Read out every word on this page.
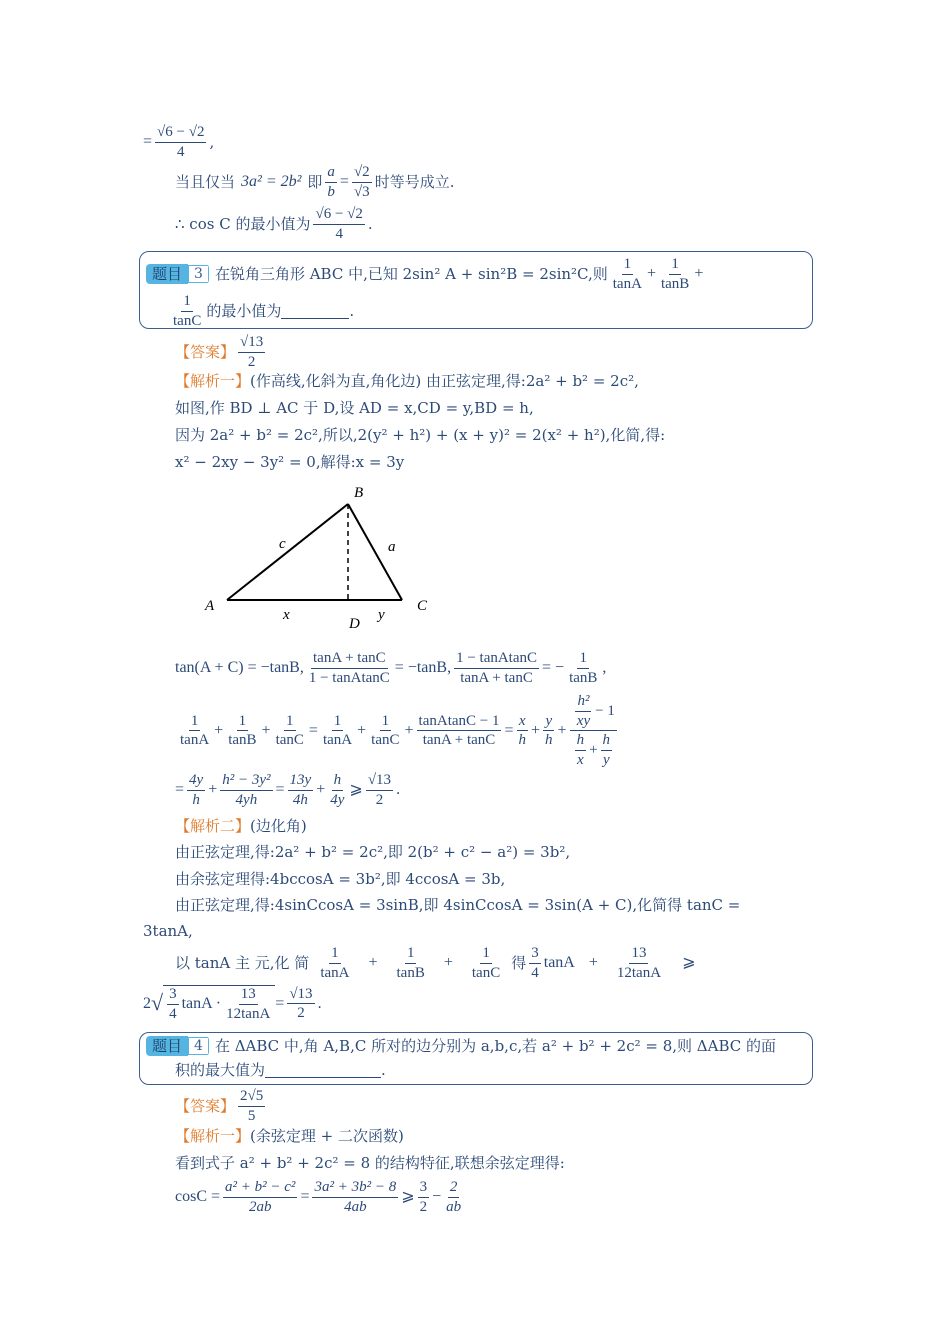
= $\frac{√6 - √2}{4}$ ,
当且仅当 3a² = 2b² 即 $\frac{a}{b} = \frac{√2}{√3}$ 时等号成立.
∴ cos C 的最小值为 $\frac{√6 - √2}{4}$ .
题目 3 在锐角三角形 ABC 中,已知 2sin² A + sin²B = 2sin²C,则 $\frac{1}{\tan A} + \frac{1}{\tan B}$ +
$\frac{1}{\tan C}$ 的最小值为	.
【答案】 $\frac{√13}{2}$
【解析一】 (作高线,化斜为直,角化边) 由正弦定理,得:2a² + b² = 2c²,
如图,作 BD ⊥ AC 于 D,设 AD = x,CD = y,BD = h,
因为 2a² + b² = 2c²,所以,2(y² + h²) + (x + y)² = 2(x² + h²),化简,得:
x² − 2xy − 3y² = 0,解得:x = 3y
B
A	C
D
c	a
x	y
tan(A + C) = −tanB, $\frac{\tan A + \tan C}{\text{1 − tanAtanC}} = -\tan B$, $\frac{\text{1 − tanAtanC}}{\tan A + \tan C}$ = − $\frac{1}{\tan B}$ ,
$\frac{1}{\tan A} + \frac{1}{\tan B} + \frac{1}{\tan C} = \frac{1}{\tan A} + \frac{1}{\tan C} + \frac{\text{tanAtanC − 1}}{\tan A + \tan C} = \frac{x}{h} + \frac{y}{h} + \frac{\frac{\text{h²}}{xy} - 1}{\frac{h}{x} + \frac{h}{y}}$
= $\frac{4y}{h} + \frac{\text{h² − 3y²}}{4yh} = \frac{13y}{4h} + \frac{h}{4y}$ ⩾ $\frac{√13}{2}$ .
【解析二】 (边化角)
由正弦定理,得:2a² + b² = 2c²,即 2(b² + c² − a²) = 3b²,
由余弦定理得:4bccosA = 3b²,即 4ccosA = 3b,
由正弦定理,得:4sinCcosA = 3sinB,即 4sinCcosA = 3sin(A + C),化简得 tanC =
3tanA,
以 tanA 主 元,化 简 $\frac{1}{\tan A} + \frac{1}{\tan B} + \frac{1}{\tan C}$ 得 $\frac{3}{4}$ $\tan A + \frac{13}{12\tan A}$ ⩾
2 √ $\frac{3}{4}$ $\tan A \cdot \frac{13}{12\tan A} = \frac{√13}{2}$ .
题目 4 在 ΔABC 中,角 A,B,C 所对的边分别为 a,b,c,若 a² + b² + 2c² = 8,则 ΔABC 的面
积的最大值为	.
【答案】 $\frac{2√5}{5}$
【解析一】 (余弦定理 + 二次函数)
看到式子 a² + b² + 2c² = 8 的结构特征,联想余弦定理得:
$\cos C = \frac{\text{a² + b² − c²}}{2ab} = \frac{\text{3a² + 3b² − 8}}{4ab}$ ⩾ $\frac{3}{2} - \frac{2}{ab}$
